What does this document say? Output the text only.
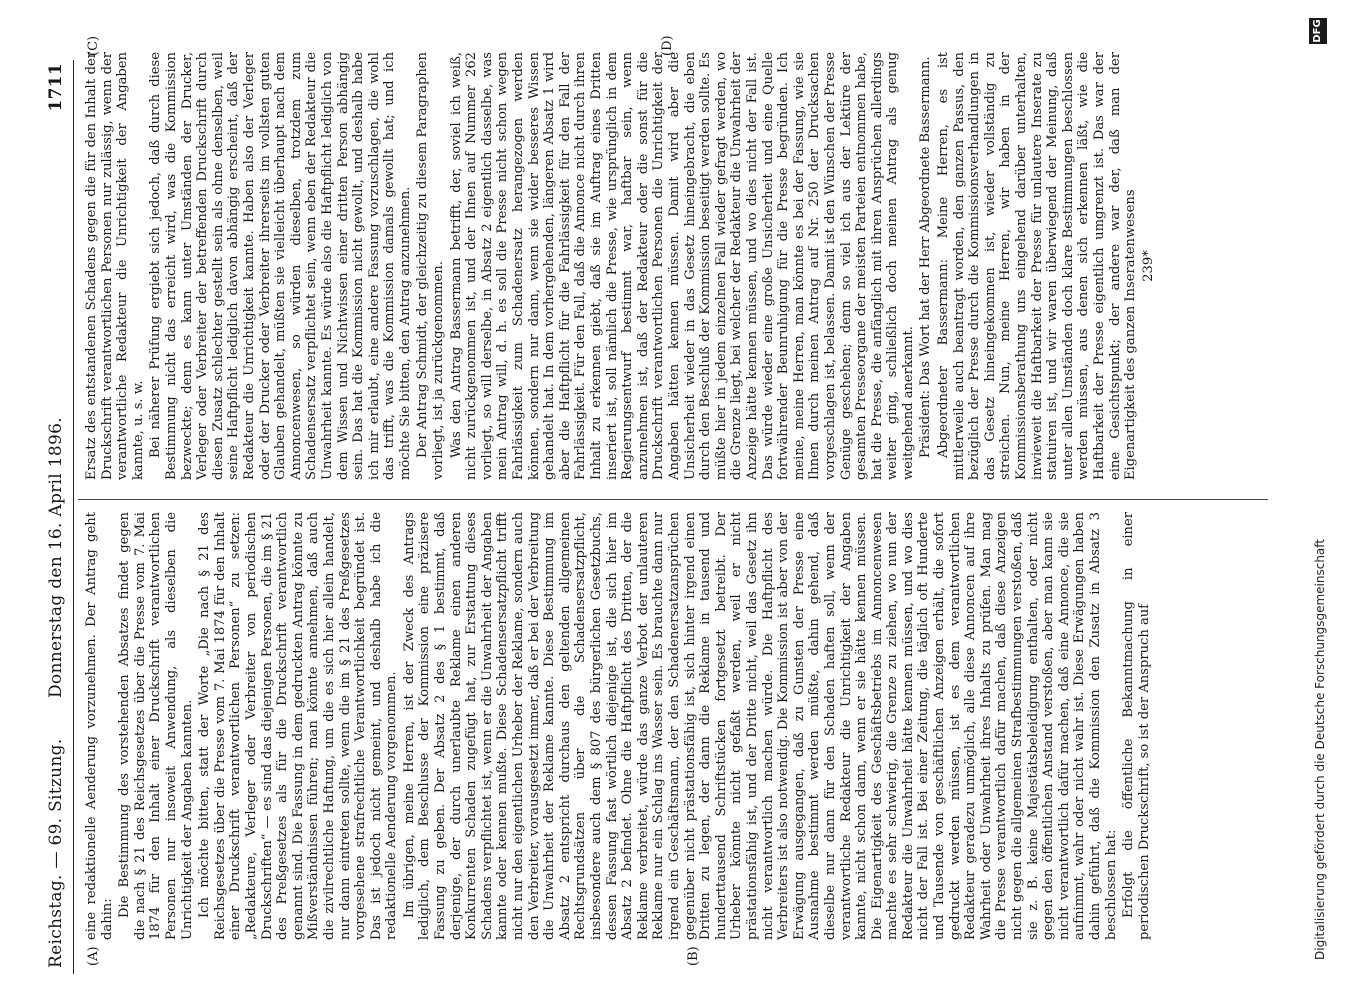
Reichstag. — 69. Sitzung.
Donnerstag den 16. April 1896.
1711
(A)	(B)
(C)	(D)

eine redaktionelle Aenderung vorzunehmen. Der Antrag geht dahin:

Die Bestimmung des vorstehenden Absatzes findet gegen die nach § 21 des Reichsgesetzes über die Presse vom 7. Mai 1874 für den Inhalt einer Druckschrift verantwortlichen Personen nur insoweit Anwendung, als dieselben die Unrichtigkeit der Angaben kannten. Ich möchte bitten, statt der Worte „Die nach § 21 des Reichsgesetzes über die Presse vom 7. Mai 1874 für den Inhalt einer Druckschrift verantwortlichen Personen“ zu setzen: „Redakteure, Verleger oder Verbreiter von periodischen Druckschriften“ — es sind das diejenigen Personen, die im § 21 des Preßgesetzes als für die Druckschrift verantwortlich genannt sind. Die Fassung in dem gedruckten Antrag könnte zu Mißverständnissen führen; man könnte annehmen, daß auch die zivilrechtliche Haftung, um die es sich hier allein handelt, nur dann eintreten sollte, wenn die im § 21 des Preßgesetzes vorgesehene strafrechtliche Verantwortlichkeit begründet ist. Das ist jedoch nicht gemeint, und deshalb habe ich die redaktionelle Aenderung vorgenommen. Im übrigen, meine Herren, ist der Zweck des Antrags lediglich, dem Beschlusse der Kommission eine präzisere Fassung zu geben. Der Absatz 2 des § 1 bestimmt, daß derjenige, der durch unerlaubte Reklame einen anderen Konkurrenten Schaden zugefügt hat, zur Erstattung dieses Schadens verpflichtet ist, wenn er die Unwahrheit der Angaben kannte oder kennen mußte. Diese Schadensersatzpflicht trifft nicht nur den eigentlichen Urheber der Reklame, sondern auch den Verbreiter, vorausgesetzt immer, daß er bei der Verbreitung die Unwahrheit der Reklame kannte. Diese Bestimmung im Absatz 2 entspricht durchaus den geltenden allgemeinen Rechtsgrundsätzen über die Schadensersatzpflicht, insbesondere auch dem § 807 des bürgerlichen Gesetzbuchs, dessen Fassung fast wörtlich diejenige ist, die sich hier im Absatz 2 befindet. Ohne die Haftpflicht des Dritten, der die Reklame verbreitet, würde das ganze Verbot der unlauteren Reklame nur ein Schlag ins Wasser sein. Es brauchte dann nur irgend ein Geschäftsmann, der den Schadenersatzansprüchen gegenüber nicht prästationsfähig ist, sich hinter irgend einen Dritten zu legen, der dann die Reklame in tausend und hunderttausend Schriftstücken fortgesetzt betreibt. Der Urheber könnte nicht gefaßt werden, weil er nicht prästationsfähig ist, und der Dritte nicht, weil das Gesetz ihn nicht verantwortlich machen würde. Die Haftpflicht des Verbreiters ist also notwendig. Die Kommission ist aber von der Erwägung ausgegangen, daß zu Gunsten der Presse eine Ausnahme bestimmt werden müßte, dahin gehend, daß dieselbe nur dann für den Schaden haften soll, wenn der verantwortliche Redakteur die Unrichtigkeit der Angaben kannte, nicht schon dann, wenn er sie hätte kennen müssen. Die Eigenartigkeit des Geschäftsbetriebs im Annoncenwesen machte es sehr schwierig, die Grenze zu ziehen, wo nun der Redakteur die Unwahrheit hätte kennen müssen, und wo dies nicht der Fall ist. Bei einer Zeitung, die täglich oft Hunderte und Tausende von geschäftlichen Anzeigen erhält, die sofort gedruckt werden müssen, ist es dem verantwortlichen Redakteur geradezu unmöglich, alle diese Annoncen auf ihre Wahrheit oder Unwahrheit ihres Inhalts zu prüfen. Man mag die Presse verantwortlich dafür machen, daß diese Anzeigen nicht gegen die allgemeinen Strafbestimmungen verstoßen, daß sie z. B. keine Majestätsbeleidigung enthalten, oder nicht gegen den öffentlichen Anstand verstoßen, aber man kann sie nicht verantwortlich dafür machen, daß eine Annonce, die sie aufnimmt, wahr oder nicht wahr ist. Diese Erwägungen haben dahin geführt, daß die Kommission den Zusatz in Absatz 3 beschlossen hat: Erfolgt die öffentliche Bekanntmachung in einer periodischen Druckschrift, so ist der Anspruch auf

Ersatz des entstandenen Schadens gegen die für den Inhalt der Druckschrift verantwortlichen Personen nur zulässig, wenn der verantwortliche Redakteur die Unrichtigkeit der Angaben kannte, u. s. w. Bei näherer Prüfung ergiebt sich jedoch, daß durch diese Bestimmung nicht das erreicht wird, was die Kommission bezweckte; denn es kann unter Umständen der Drucker, Verleger oder Verbreiter der betreffenden Druckschrift durch diesen Zusatz schlechter gestellt sein als ohne denselben, weil seine Haftpflicht lediglich davon abhängig erscheint, daß der Redakteur die Unrichtigkeit kannte. Haben also der Verleger oder der Drucker oder Verbreiter ihrerseits im vollsten guten Glauben gehandelt, müßten sie vielleicht überhaupt nach dem Annoncenwesen, so würden dieselben, trotzdem zum Schadensersatz verpflichtet sein, wenn eben der Redakteur die Unwahrheit kannte. Es würde also die Haftpflicht lediglich von dem Wissen und Nichtwissen einer dritten Person abhängig sein. Das hat die Kommission nicht gewollt, und deshalb habe ich mir erlaubt, eine andere Fassung vorzuschlagen, die wohl das trifft, was die Kommission damals gewollt hat; und ich möchte Sie bitten, den Antrag anzunehmen. Der Antrag Schmidt, der gleichzeitig zu diesem Paragraphen vorliegt, ist ja zurückgenommen. Was den Antrag Bassermann betrifft, der, soviel ich weiß, nicht zurückgenommen ist, und der Ihnen auf Nummer 262 vorliegt, so will derselbe, in Absatz 2 eigentlich dasselbe, was mein Antrag will, d. h. es soll die Presse nicht schon wegen Fahrlässigkeit zum Schadenersatz herangezogen werden können, sondern nur dann, wenn sie wider besseres Wissen gehandelt hat. In dem vorhergehenden, längeren Absatz 1 wird aber die Haftpflicht für die Fahrlässigkeit für den Fall der Fahrlässigkeit. Für den Fall, daß die Annonce nicht durch ihren Inhalt zu erkennen giebt, daß sie im Auftrag eines Dritten inseriert ist, soll nämlich die Presse, wie ursprünglich in dem Regierungsentwurf bestimmt war, haftbar sein, wenn anzunehmen ist, daß der Redakteur oder die sonst für die Druckschrift verantwortlichen Personen die Unrichtigkeit der Angaben hätten kennen müssen. Damit wird aber die Unsicherheit wieder in das Gesetz hineingebracht, die eben durch den Beschluß der Kommission beseitigt werden sollte. Es müßte hier in jedem einzelnen Fall wieder gefragt werden, wo die Grenze liegt, bei welcher der Redakteur die Unwahrheit der Anzeige hätte kennen müssen, und wo dies nicht der Fall ist. Das würde wieder eine große Unsicherheit und eine Quelle fortwährender Beunruhigung für die Presse begründen. Ich meine, meine Herren, man könnte es bei der Fassung, wie sie Ihnen durch meinen Antrag auf Nr. 250 der Drucksachen vorgeschlagen ist, belassen. Damit ist den Wünschen der Presse Genüge geschehen; denn so viel ich aus der Lektüre der gesamten Presseorgane der meisten Parteien entnommen habe, hat die Presse, die anfänglich mit ihren Ansprüchen allerdings weiter ging, schließlich doch meinen Antrag als genug weitgehend anerkannt. Präsident: Das Wort hat der Herr Abgeordnete Bassermann. Abgeordneter Bassermann: Meine Herren, es ist mittlerweile auch beantragt worden, den ganzen Passus, den bezüglich der Presse durch die Kommissionsverhandlungen in das Gesetz hineingekommen ist, wieder vollständig zu streichen. Nun, meine Herren, wir haben in der Kommissionsberathung uns eingehend darüber unterhalten, inwieweit die Haftbarkeit der Presse für unlautere Inserate zu statuiren ist, und wir waren überwiegend der Meinung, daß unter allen Umständen doch klare Bestimmungen beschlossen werden müssen, aus denen sich erkennen läßt, wie die Haftbarkeit der Presse eigentlich umgrenzt ist. Das war der eine Gesichtspunkt; der andere war der, daß man der Eigenartigkeit des ganzen Inseratenwesens 239*

Digitalisierung gefördert durch die Deutsche Forschungsgemeinschaft
DFG
